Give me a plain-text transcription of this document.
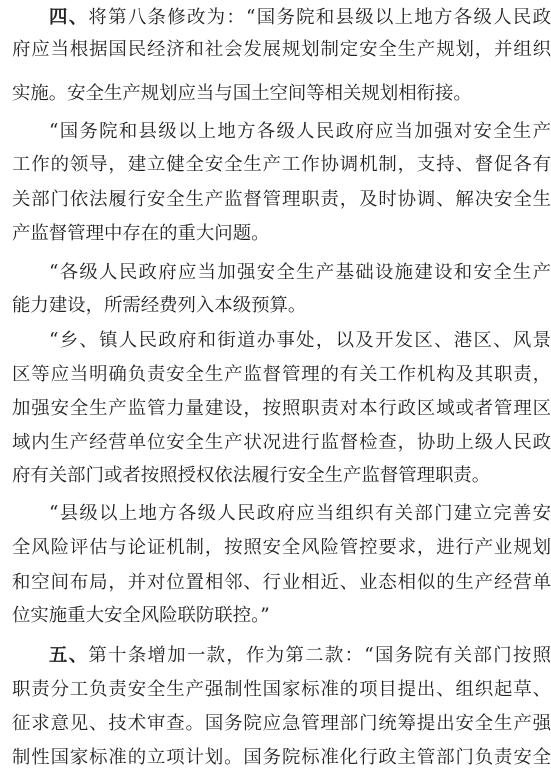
四、将第八条修改为：“国务院和县级以上地方各级人民政
府应当根据国民经济和社会发展规划制定安全生产规划，并组织
实施。安全生产规划应当与国土空间等相关规划相衔接。
“国务院和县级以上地方各级人民政府应当加强对安全生产
工作的领导，建立健全安全生产工作协调机制，支持、督促各有
关部门依法履行安全生产监督管理职责，及时协调、解决安全生
产监督管理中存在的重大问题。
“各级人民政府应当加强安全生产基础设施建设和安全生产
能力建设，所需经费列入本级预算。
“乡、镇人民政府和街道办事处，以及开发区、港区、风景
区等应当明确负责安全生产监督管理的有关工作机构及其职责，
加强安全生产监管力量建设，按照职责对本行政区域或者管理区
域内生产经营单位安全生产状况进行监督检查，协助上级人民政
府有关部门或者按照授权依法履行安全生产监督管理职责。
“县级以上地方各级人民政府应当组织有关部门建立完善安
全风险评估与论证机制，按照安全风险管控要求，进行产业规划
和空间布局，并对位置相邻、行业相近、业态相似的生产经营单
位实施重大安全风险联防联控。”
五、第十条增加一款，作为第二款：“国务院有关部门按照
职责分工负责安全生产强制性国家标准的项目提出、组织起草、
征求意见、技术审查。国务院应急管理部门统筹提出安全生产强
制性国家标准的立项计划。国务院标准化行政主管部门负责安全
